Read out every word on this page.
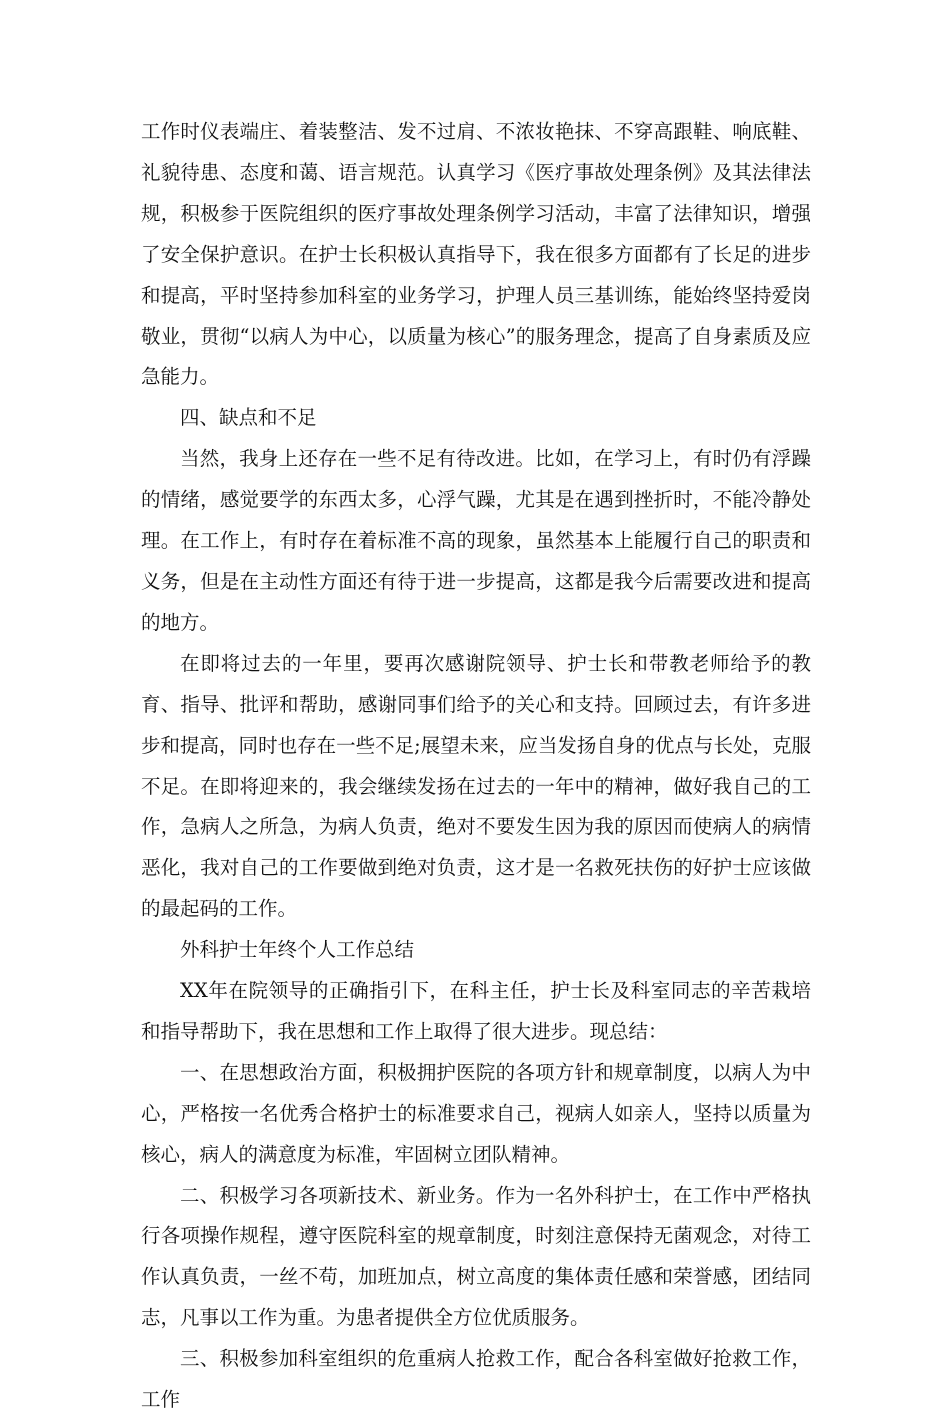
工作时仪表端庄、着装整洁、发不过肩、不浓妆艳抹、不穿高跟鞋、响底鞋、礼貌待患、态度和蔼、语言规范。认真学习《医疗事故处理条例》及其法律法规，积极参于医院组织的医疗事故处理条例学习活动，丰富了法律知识，增强了安全保护意识。在护士长积极认真指导下，我在很多方面都有了长足的进步和提高，平时坚持参加科室的业务学习，护理人员三基训练，能始终坚持爱岗敬业，贯彻“以病人为中心，以质量为核心”的服务理念，提高了自身素质及应急能力。

四、缺点和不足

当然，我身上还存在一些不足有待改进。比如，在学习上，有时仍有浮躁的情绪，感觉要学的东西太多，心浮气躁，尤其是在遇到挫折时，不能冷静处理。在工作上，有时存在着标准不高的现象，虽然基本上能履行自己的职责和义务，但是在主动性方面还有待于进一步提高，这都是我今后需要改进和提高的地方。

在即将过去的一年里，要再次感谢院领导、护士长和带教老师给予的教育、指导、批评和帮助，感谢同事们给予的关心和支持。回顾过去，有许多进步和提高，同时也存在一些不足;展望未来，应当发扬自身的优点与长处，克服不足。在即将迎来的，我会继续发扬在过去的一年中的精神，做好我自己的工作，急病人之所急，为病人负责，绝对不要发生因为我的原因而使病人的病情恶化，我对自己的工作要做到绝对负责，这才是一名救死扶伤的好护士应该做的最起码的工作。

外科护士年终个人工作总结

XX年在院领导的正确指引下，在科主任，护士长及科室同志的辛苦栽培和指导帮助下，我在思想和工作上取得了很大进步。现总结：

一、在思想政治方面，积极拥护医院的各项方针和规章制度，以病人为中心，严格按一名优秀合格护士的标准要求自己，视病人如亲人，坚持以质量为核心，病人的满意度为标准，牢固树立团队精神。

二、积极学习各项新技术、新业务。作为一名外科护士，在工作中严格执行各项操作规程，遵守医院科室的规章制度，时刻注意保持无菌观念，对待工作认真负责，一丝不苟，加班加点，树立高度的集体责任感和荣誉感，团结同志，凡事以工作为重。为患者提供全方位优质服务。

三、积极参加科室组织的危重病人抢救工作，配合各科室做好抢救工作，工作
